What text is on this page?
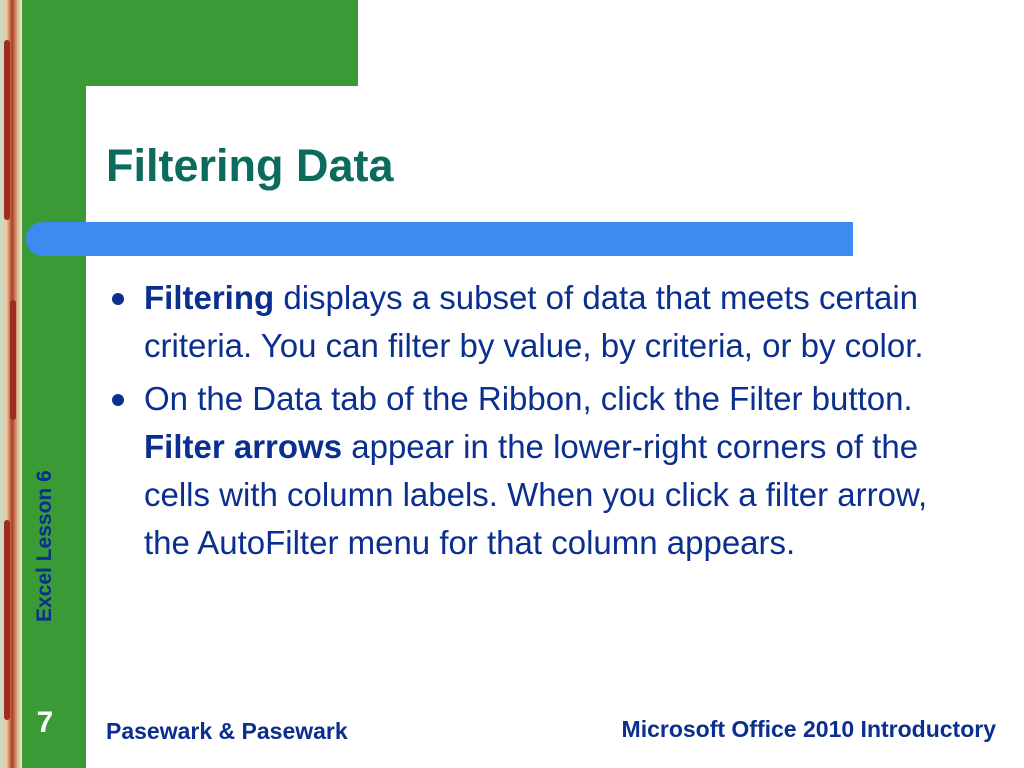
Filtering Data
Filtering displays a subset of data that meets certain criteria. You can filter by value, by criteria, or by color.
On the Data tab of the Ribbon, click the Filter button. Filter arrows appear in the lower-right corners of the cells with column labels. When you click a filter arrow, the AutoFilter menu for that column appears.
Excel Lesson 6
7	Pasewark & Pasewark	Microsoft Office 2010 Introductory
